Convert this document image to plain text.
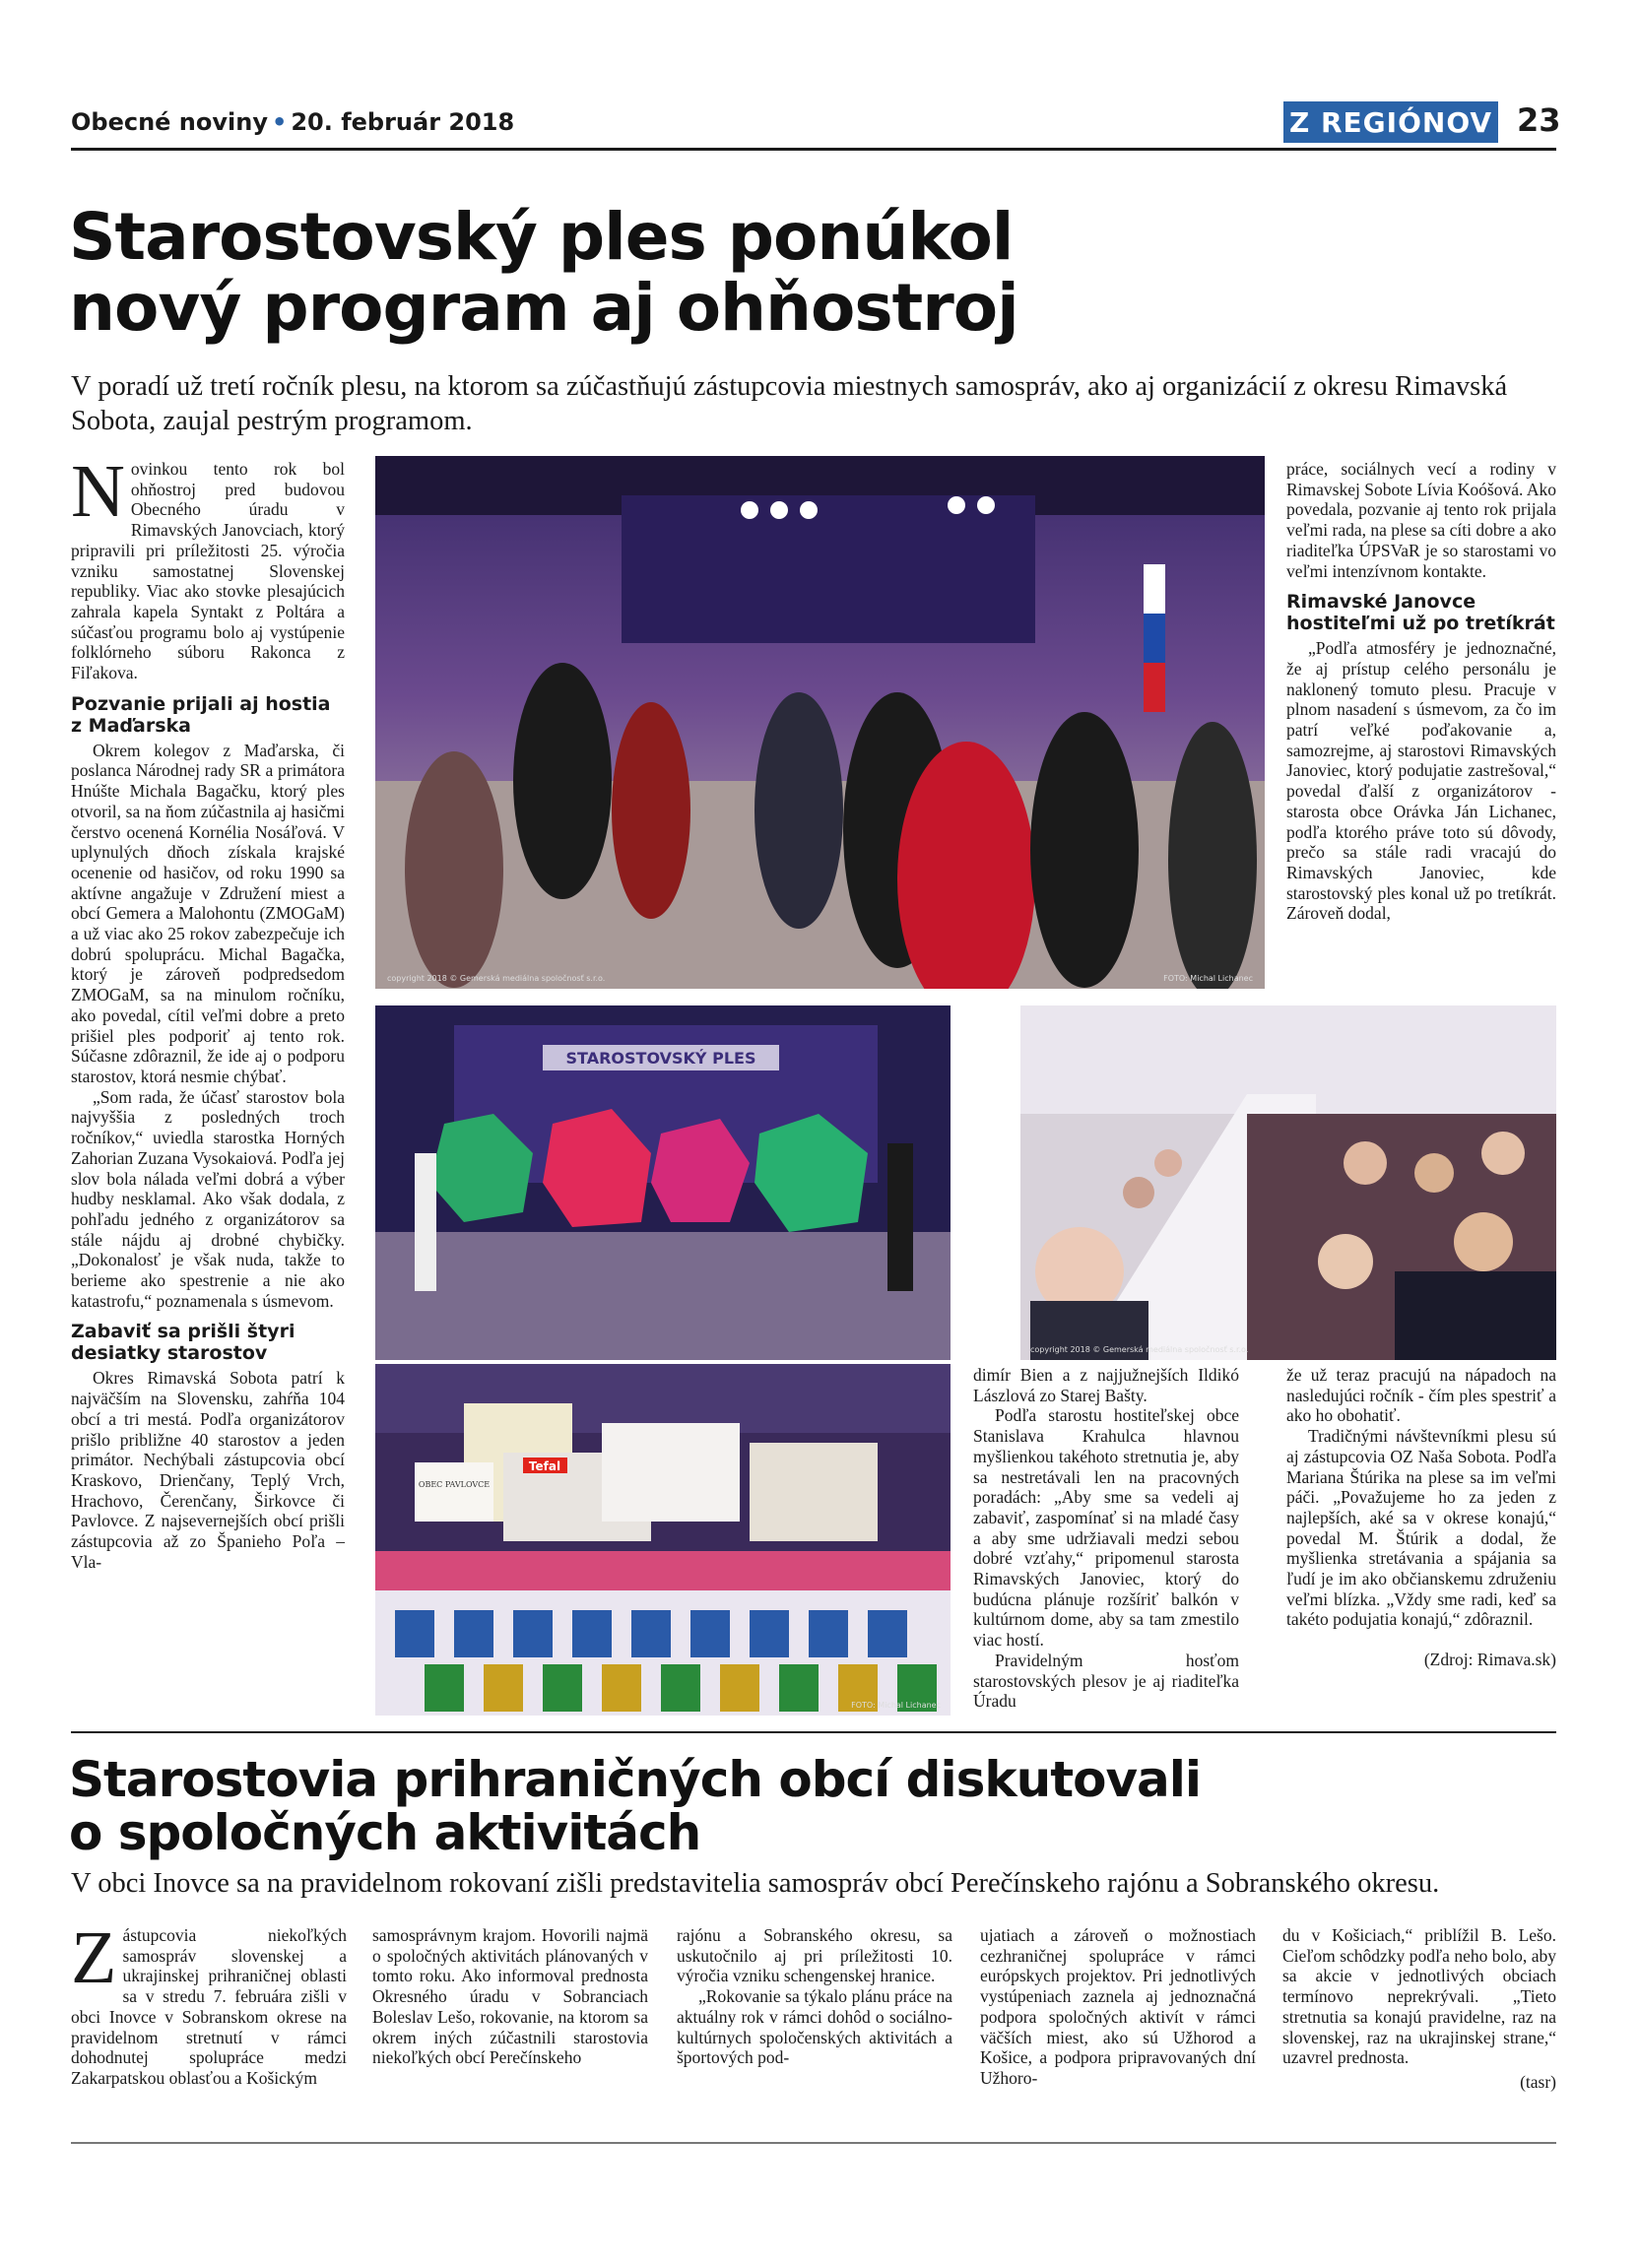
Obecné noviny • 20. február 2018	Z REGIÓNOV 23
Starostovský ples ponúkol
nový program aj ohňostroj
V poradí už tretí ročník plesu, na ktorom sa zúčastňujú zástupcovia miestnych samospráv, ako aj organizácií z okresu Rimavská Sobota, zaujal pestrým programom.

Novinkou tento rok bol ohňostroj pred budovou Obecného úradu v Rimavských Janovciach, ktorý pripravili pri príležitosti 25. výročia vzniku samostatnej Slovenskej republiky. Viac ako stovke plesajúcich zahrala kapela Syntakt z Poltára a súčasťou programu bolo aj vystúpenie folklórneho súboru Rakonca z Fiľakova.

Pozvanie prijali aj hostia z Maďarska

Okrem kolegov z Maďarska, či poslanca Národnej rady SR a primátora Hnúšte Michala Bagačku, ktorý ples otvoril, sa na ňom zúčastnila aj hasičmi čerstvo ocenená Kornélia Nosáľová. V uplynulých dňoch získala krajské ocenenie od hasičov, od roku 1990 sa aktívne angažuje v Združení miest a obcí Gemera a Malohontu (ZMOGaM) a už viac ako 25 rokov zabezpečuje ich dobrú spoluprácu. Michal Bagačka, ktorý je zároveň podpredsedom ZMOGaM, sa na minulom ročníku, ako povedal, cítil veľmi dobre a preto prišiel ples podporiť aj tento rok. Súčasne zdôraznil, že ide aj o podporu starostov, ktorá nesmie chýbať.

„Som rada, že účasť starostov bola najvyššia z posledných troch ročníkov,“ uviedla starostka Horných Zahorian Zuzana Vysokaiová. Podľa jej slov bola nálada veľmi dobrá a výber hudby nesklamal. Ako však dodala, z pohľadu jedného z organizátorov sa stále nájdu aj drobné chybičky. „Dokonalosť je však nuda, takže to berieme ako spestrenie a nie ako katastrofu,“ poznamenala s úsmevom.

Zabaviť sa prišli štyri desiatky starostov

Okres Rimavská Sobota patrí k najväčším na Slovensku, zahŕňa 104 obcí a tri mestá. Podľa organizátorov prišlo približne 40 starostov a jeden primátor. Nechýbali zástupcovia obcí Kraskovo, Drienčany, Teplý Vrch, Hrachovo, Čerenčany, Širkovce či Pavlovce. Z najsevernejších obcí prišli zástupcovia až zo Španieho Poľa – Vla-

copyright 2018 © Gemerská mediálna spoločnosť s.r.o.	FOTO: Michal Lichanec

práce, sociálnych vecí a rodiny v Rimavskej Sobote Lívia Koóšová. Ako povedala, pozvanie aj tento rok prijala veľmi rada, na plese sa cíti dobre a ako riaditeľka ÚPSVaR je so starostami vo veľmi intenzívnom kontakte.

Rimavské Janovce hostiteľmi už po tretíkrát

„Podľa atmosféry je jednoznačné, že aj prístup celého personálu je naklonený tomuto plesu. Pracuje v plnom nasadení s úsmevom, za čo im patrí veľké poďakovanie a, samozrejme, aj starostovi Rimavských Janoviec, ktorý podujatie zastrešoval,“ povedal ďalší z organizátorov - starosta obce Orávka Ján Lichanec, podľa ktorého práve toto sú dôvody, prečo sa stále radi vracajú do Rimavských Janoviec, kde starostovský ples konal už po tretíkrát. Zároveň dodal,

STAROSTOVSKÝ PLES
copyright 2018 © Gemerská mediálna spoločnosť s.r.o.
Tefal
OBEC PAVLOVCE
FOTO: Michal Lichanec

dimír Bien a z najjužnejších Ildikó Lászlová zo Starej Bašty.

Podľa starostu hostiteľskej obce Stanislava Krahulca hlavnou myšlienkou takéhoto stretnutia je, aby sa nestretávali len na pracovných poradách: „Aby sme sa vedeli aj zabaviť, zaspomínať si na mladé časy a aby sme udržiavali medzi sebou dobré vzťahy,“ pripomenul starosta Rimavských Janoviec, ktorý do budúcna plánuje rozšíriť balkón v kultúrnom dome, aby sa tam zmestilo viac hostí.

Pravidelným hosťom starostovských plesov je aj riaditeľka Úradu

že už teraz pracujú na nápadoch na nasledujúci ročník - čím ples spestriť a ako ho obohatiť.

Tradičnými návštevníkmi plesu sú aj zástupcovia OZ Naša Sobota. Podľa Mariana Štúrika na plese sa im veľmi páči. „Považujeme ho za jeden z najlepších, aké sa v okrese konajú,“ povedal M. Štúrik a dodal, že myšlienka stretávania a spájania sa ľudí je im ako občianskemu združeniu veľmi blízka. „Vždy sme radi, keď sa takéto podujatia konajú,“ zdôraznil.

(Zdroj: Rimava.sk)
Starostovia prihraničných obcí diskutovali
o spoločných aktivitách
V obci Inovce sa na pravidelnom rokovaní zišli predstavitelia samospráv obcí Perečínskeho rajónu a Sobranského okresu.

Zástupcovia niekoľkých samospráv slovenskej a ukrajinskej prihraničnej oblasti sa v stredu 7. februára zišli v obci Inovce v Sobranskom okrese na pravidelnom stretnutí v rámci dohodnutej spolupráce medzi Zakarpatskou oblasťou a Košickým

samosprávnym krajom. Hovorili najmä o spoločných aktivitách plánovaných v tomto roku. Ako informoval prednosta Okresného úradu v Sobranciach Boleslav Lešo, rokovanie, na ktorom sa okrem iných zúčastnili starostovia niekoľkých obcí Perečínskeho

rajónu a Sobranského okresu, sa uskutočnilo aj pri príležitosti 10. výročia vzniku schengenskej hranice.

„Rokovanie sa týkalo plánu práce na aktuálny rok v rámci dohôd o sociálno-kultúrnych spoločenských aktivitách a športových pod-

ujatiach a zároveň o možnostiach cezhraničnej spolupráce v rámci európskych projektov. Pri jednotlivých vystúpeniach zaznela aj jednoznačná podpora spoločných aktivít v rámci väčších miest, ako sú Užhorod a Košice, a podpora pripravovaných dní Užhoro-

du v Košiciach,“ priblížil B. Lešo. Cieľom schôdzky podľa neho bolo, aby sa akcie v jednotlivých obciach termínovo neprekrývali. „Tieto stretnutia sa konajú pravidelne, raz na slovenskej, raz na ukrajinskej strane,“ uzavrel prednosta.

(tasr)
